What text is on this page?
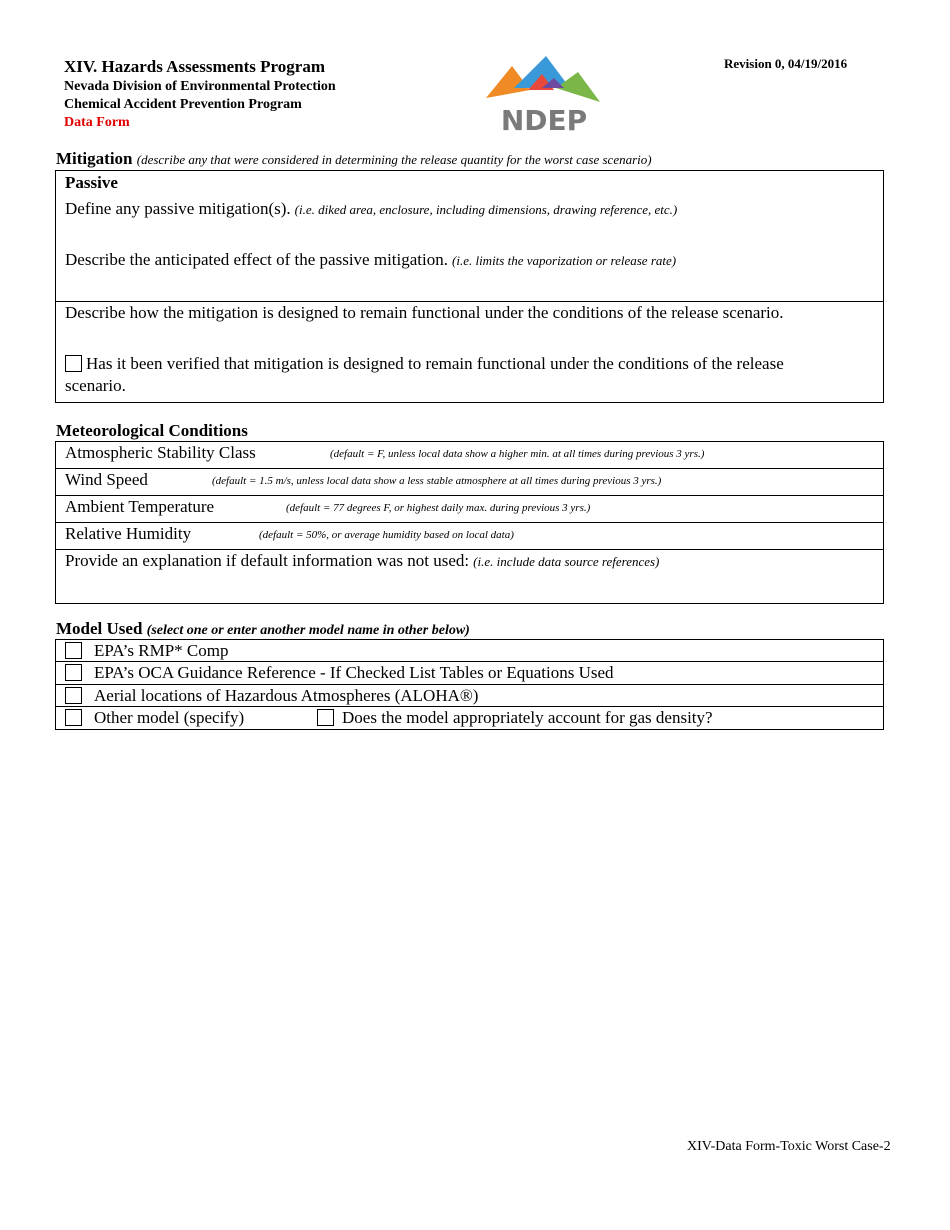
XIV. Hazards Assessments Program
Nevada Division of Environmental Protection
Chemical Accident Prevention Program
Data Form
Revision 0, 04/19/2016
NDEP
Mitigation (describe any that were considered in determining the release quantity for the worst case scenario)
Passive
Define any passive mitigation(s). (i.e. diked area, enclosure, including dimensions, drawing reference, etc.)
Describe the anticipated effect of the passive mitigation. (i.e. limits the vaporization or release rate)
Describe how the mitigation is designed to remain functional under the conditions of the release scenario.
Has it been verified that mitigation is designed to remain functional under the conditions of the release
scenario.
Meteorological Conditions
Atmospheric Stability Class	(default = F, unless local data show a higher min. at all times during previous 3 yrs.)
Wind Speed	(default = 1.5 m/s, unless local data show a less stable atmosphere at all times during previous 3 yrs.)
Ambient Temperature	(default = 77 degrees F, or highest daily max. during previous 3 yrs.)
Relative Humidity	(default = 50%, or average humidity based on local data)
Provide an explanation if default information was not used: (i.e. include data source references)
Model Used (select one or enter another model name in other below)
EPA’s RMP* Comp
EPA’s OCA Guidance Reference - If Checked List Tables or Equations Used
Aerial locations of Hazardous Atmospheres (ALOHA®)
Other model (specify)	Does the model appropriately account for gas density?
XIV-Data Form-Toxic Worst Case-2
